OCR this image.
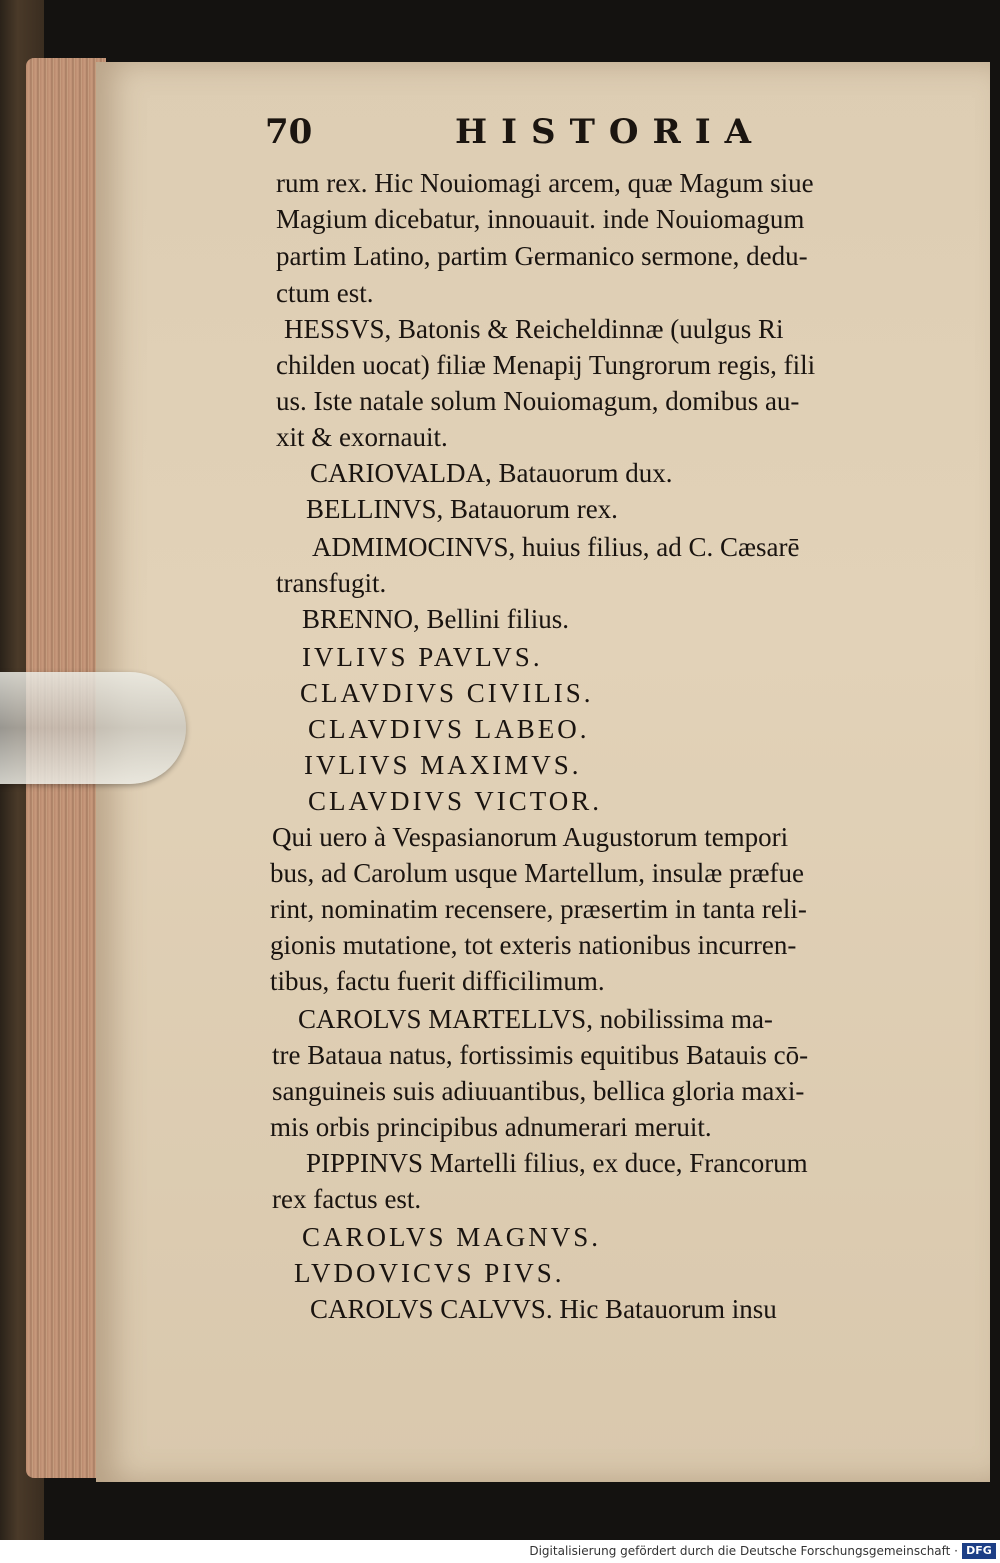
70	HISTORIA
rum rex. Hic Nouiomagi arcem, quæ Magum siue
Magium dicebatur, innouauit. inde Nouiomagum
partim Latino, partim Germanico sermone, dedu-
ctum est.
HESSVS, Batonis & Reicheldinnæ (uulgus Ri
childen uocat) filiæ Menapij Tungrorum regis, fili
us. Iste natale solum Nouiomagum, domibus au-
xit & exornauit.
CARIOVALDA, Batauorum dux.
BELLINVS, Batauorum rex.
ADMIMOCINVS, huius filius, ad C. Cæsarē
transfugit.
BRENNO, Bellini filius.
IVLIVS PAVLVS.
CLAVDIVS CIVILIS.
CLAVDIVS LABEO.
IVLIVS MAXIMVS.
CLAVDIVS VICTOR.
Qui uero à Vespasianorum Augustorum tempori
bus, ad Carolum usque Martellum, insulæ præfue
rint, nominatim recensere, præsertim in tanta reli-
gionis mutatione, tot exteris nationibus incurren-
tibus, factu fuerit difficilimum.
CAROLVS MARTELLVS, nobilissima ma-
tre Bataua natus, fortissimis equitibus Batauis cō-
sanguineis suis adiuuantibus, bellica gloria maxi-
mis orbis principibus adnumerari meruit.
PIPPINVS Martelli filius, ex duce, Francorum
rex factus est.
CAROLVS MAGNVS.
LVDOVICVS PIVS.
CAROLVS CALVVS. Hic Batauorum insu
Digitalisierung gefördert durch die Deutsche Forschungsgemeinschaft · DFG
